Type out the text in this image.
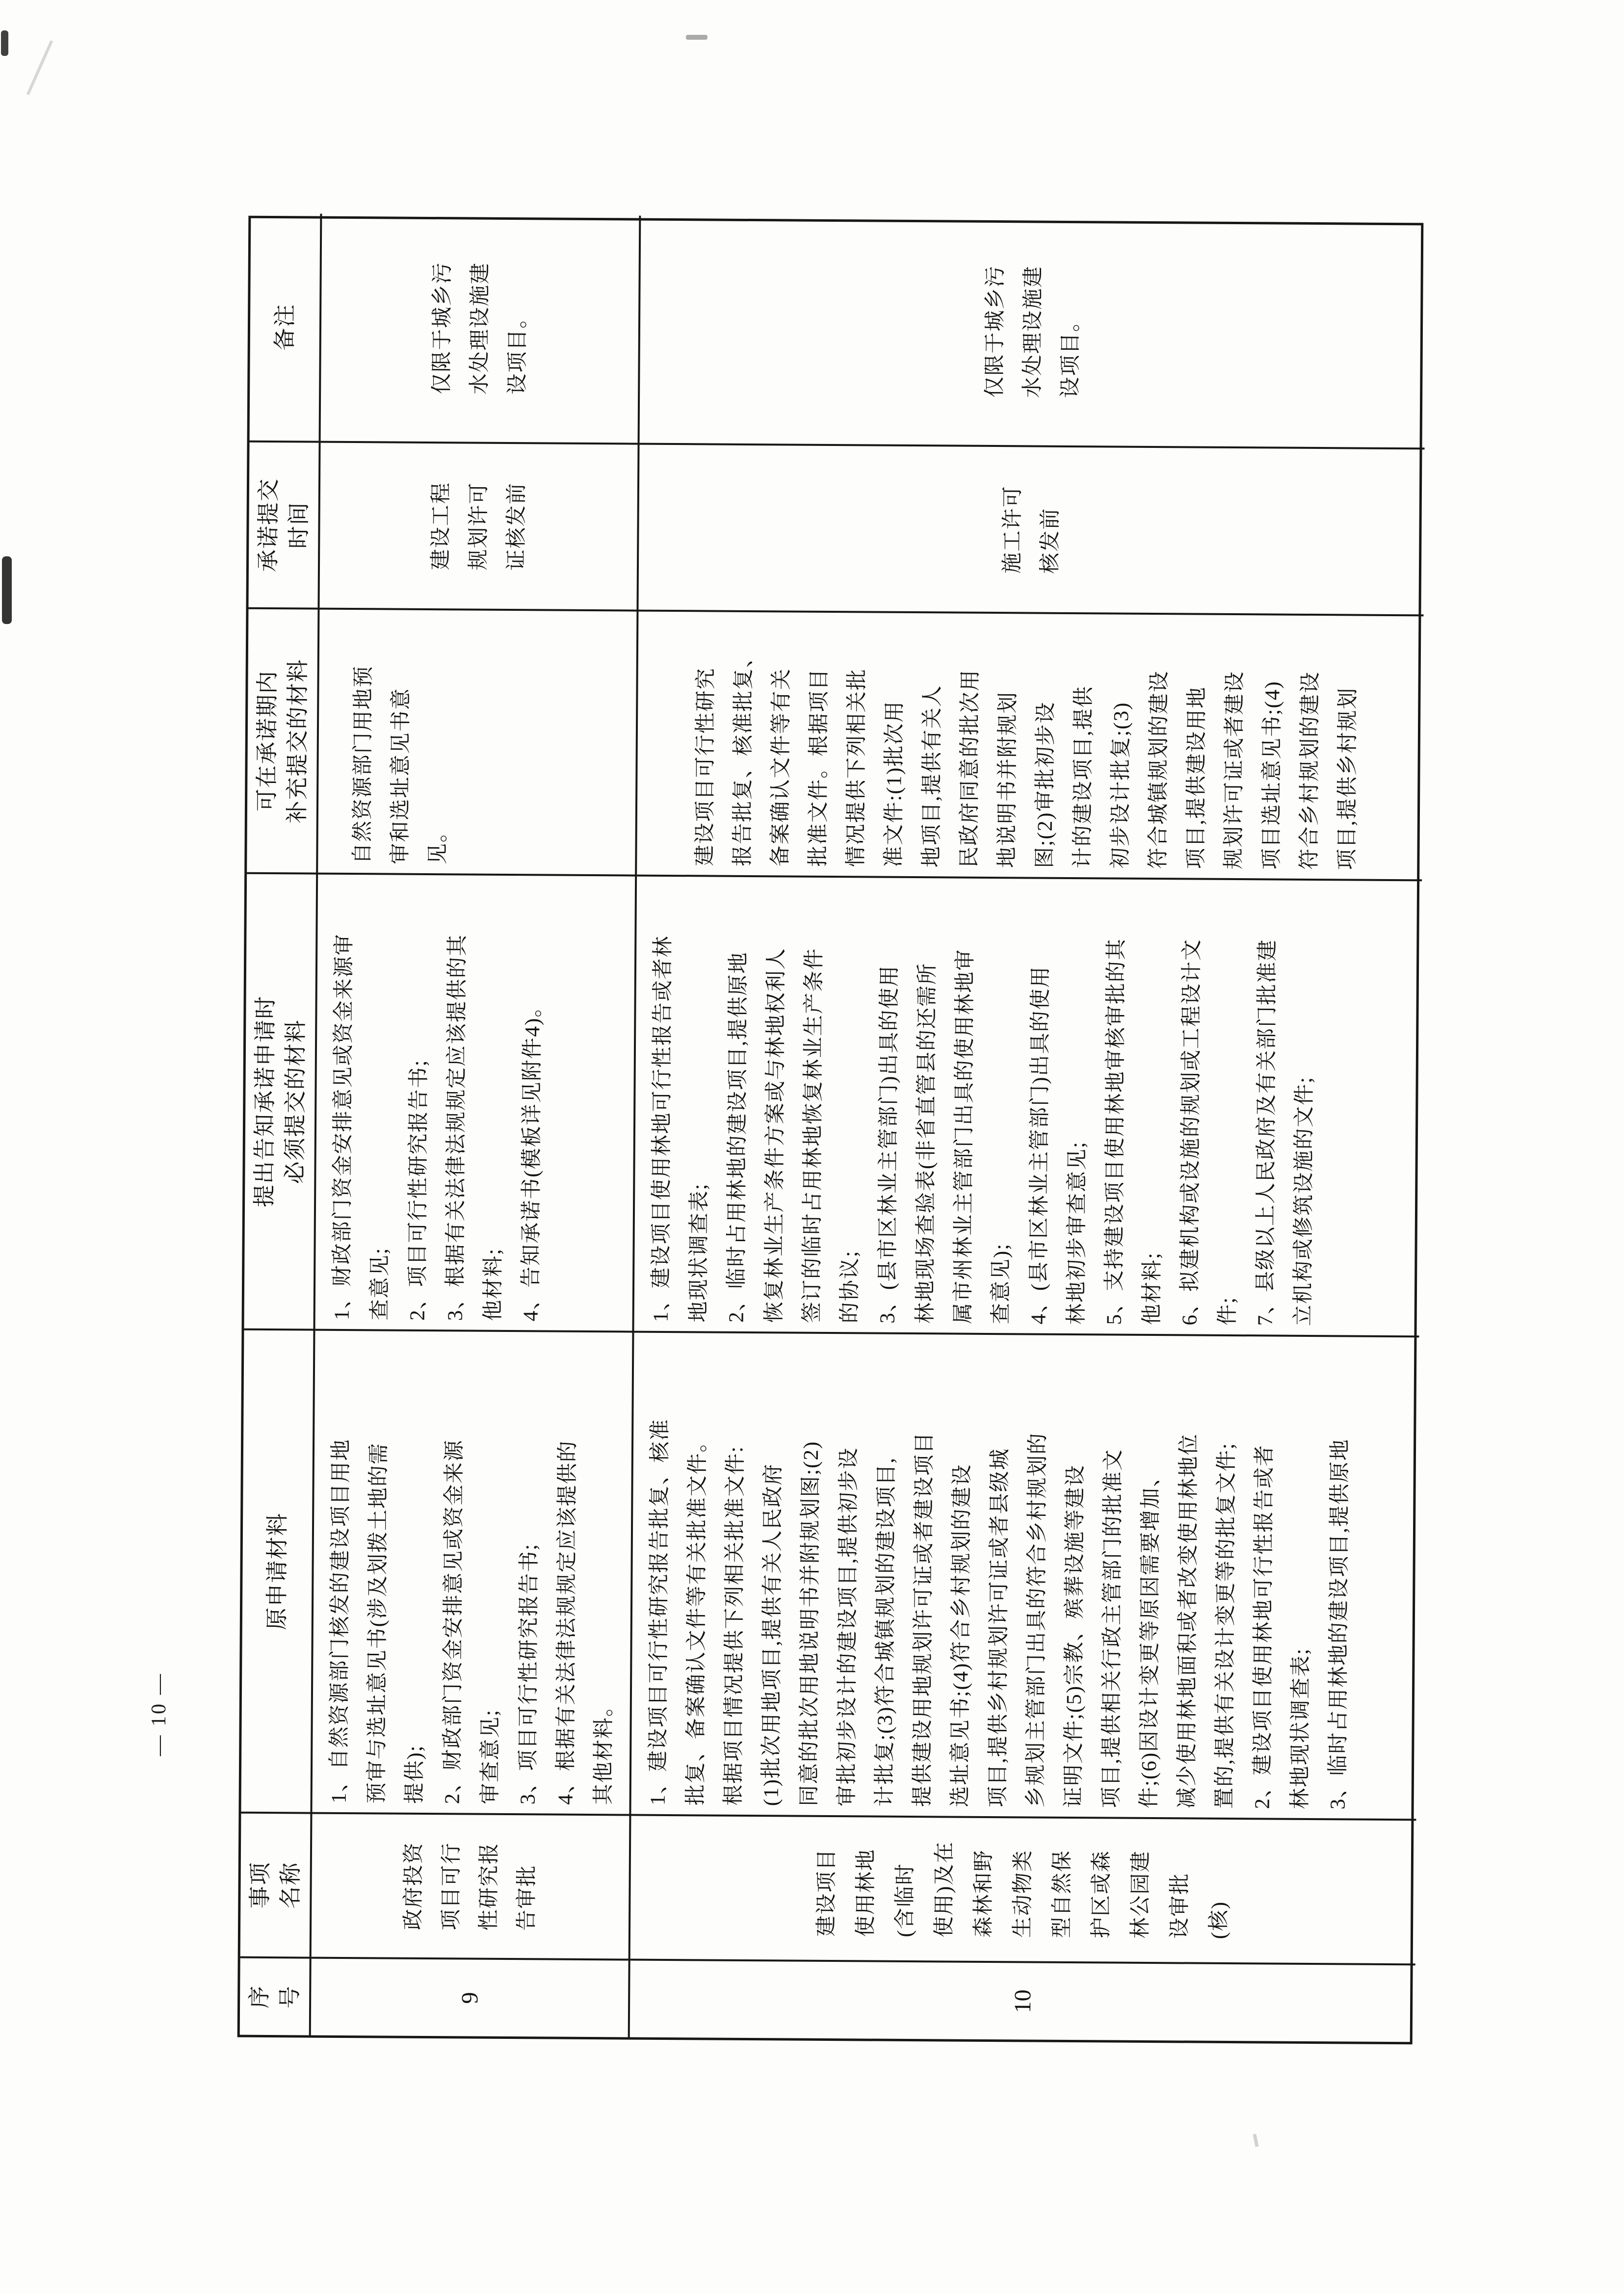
— 10 —
序
号
事项
名称
原申请材料
提出告知承诺申请时
必须提交的材料
可在承诺期内
补充提交的材料
承诺提交
时间
备注
9
政府投资
项目可行
性研究报
告审批
1、自然资源部门核发的建设项目用地
预审与选址意见书(涉及划拨土地的需
提供);
2、财政部门资金安排意见或资金来源
审查意见;
3、项目可行性研究报告书;
4、根据有关法律法规规定应该提供的
其他材料。
1、财政部门资金安排意见或资金来源审
查意见;
2、项目可行性研究报告书;
3、根据有关法律法规规定应该提供的其
他材料;
4、告知承诺书(模板详见附件4)。
自然资源部门用地预
审和选址意见书意
见。
建设工程
规划许可
证核发前
仅限于城乡污
水处理设施建
设项目。
10
建设项目
使用林地
(含临时
使用)及在
森林和野
生动物类
型自然保
护区或森
林公园建
设审批
(核)
1、建设项目可行性研究报告批复、核准
批复、备案确认文件等有关批准文件。
根据项目情况提供下列相关批准文件:
(1)批次用地项目,提供有关人民政府
同意的批次用地说明书并附规划图;(2)
审批初步设计的建设项目,提供初步设
计批复;(3)符合城镇规划的建设项目,
提供建设用地规划许可证或者建设项目
选址意见书;(4)符合乡村规划的建设
项目,提供乡村规划许可证或者县级城
乡规划主管部门出具的符合乡村规划的
证明文件;(5)宗教、殡葬设施等建设
项目,提供相关行政主管部门的批准文
件;(6)因设计变更等原因需要增加、
减少使用林地面积或者改变使用林地位
置的,提供有关设计变更等的批复文件;
2、建设项目使用林地可行性报告或者
林地现状调查表;
3、临时占用林地的建设项目,提供原地
1、建设项目使用林地可行性报告或者林
地现状调查表;
2、临时占用林地的建设项目,提供原地
恢复林业生产条件方案或与林地权利人
签订的临时占用林地恢复林业生产条件
的协议;
3、(县市区林业主管部门)出具的使用
林地现场查验表(非省直管县的还需所
属市州林业主管部门出具的使用林地审
查意见);
4、(县市区林业主管部门)出具的使用
林地初步审查意见;
5、支持建设项目使用林地审核审批的其
他材料;
6、拟建机构或设施的规划或工程设计文
件;
7、县级以上人民政府及有关部门批准建
立机构或修筑设施的文件;
建设项目可行性研究
报告批复、核准批复、
备案确认文件等有关
批准文件。根据项目
情况提供下列相关批
准文件:(1)批次用
地项目,提供有关人
民政府同意的批次用
地说明书并附规划
图;(2)审批初步设
计的建设项目,提供
初步设计批复;(3)
符合城镇规划的建设
项目,提供建设用地
规划许可证或者建设
项目选址意见书;(4)
符合乡村规划的建设
项目,提供乡村规划
施工许可
核发前
仅限于城乡污
水处理设施建
设项目。
